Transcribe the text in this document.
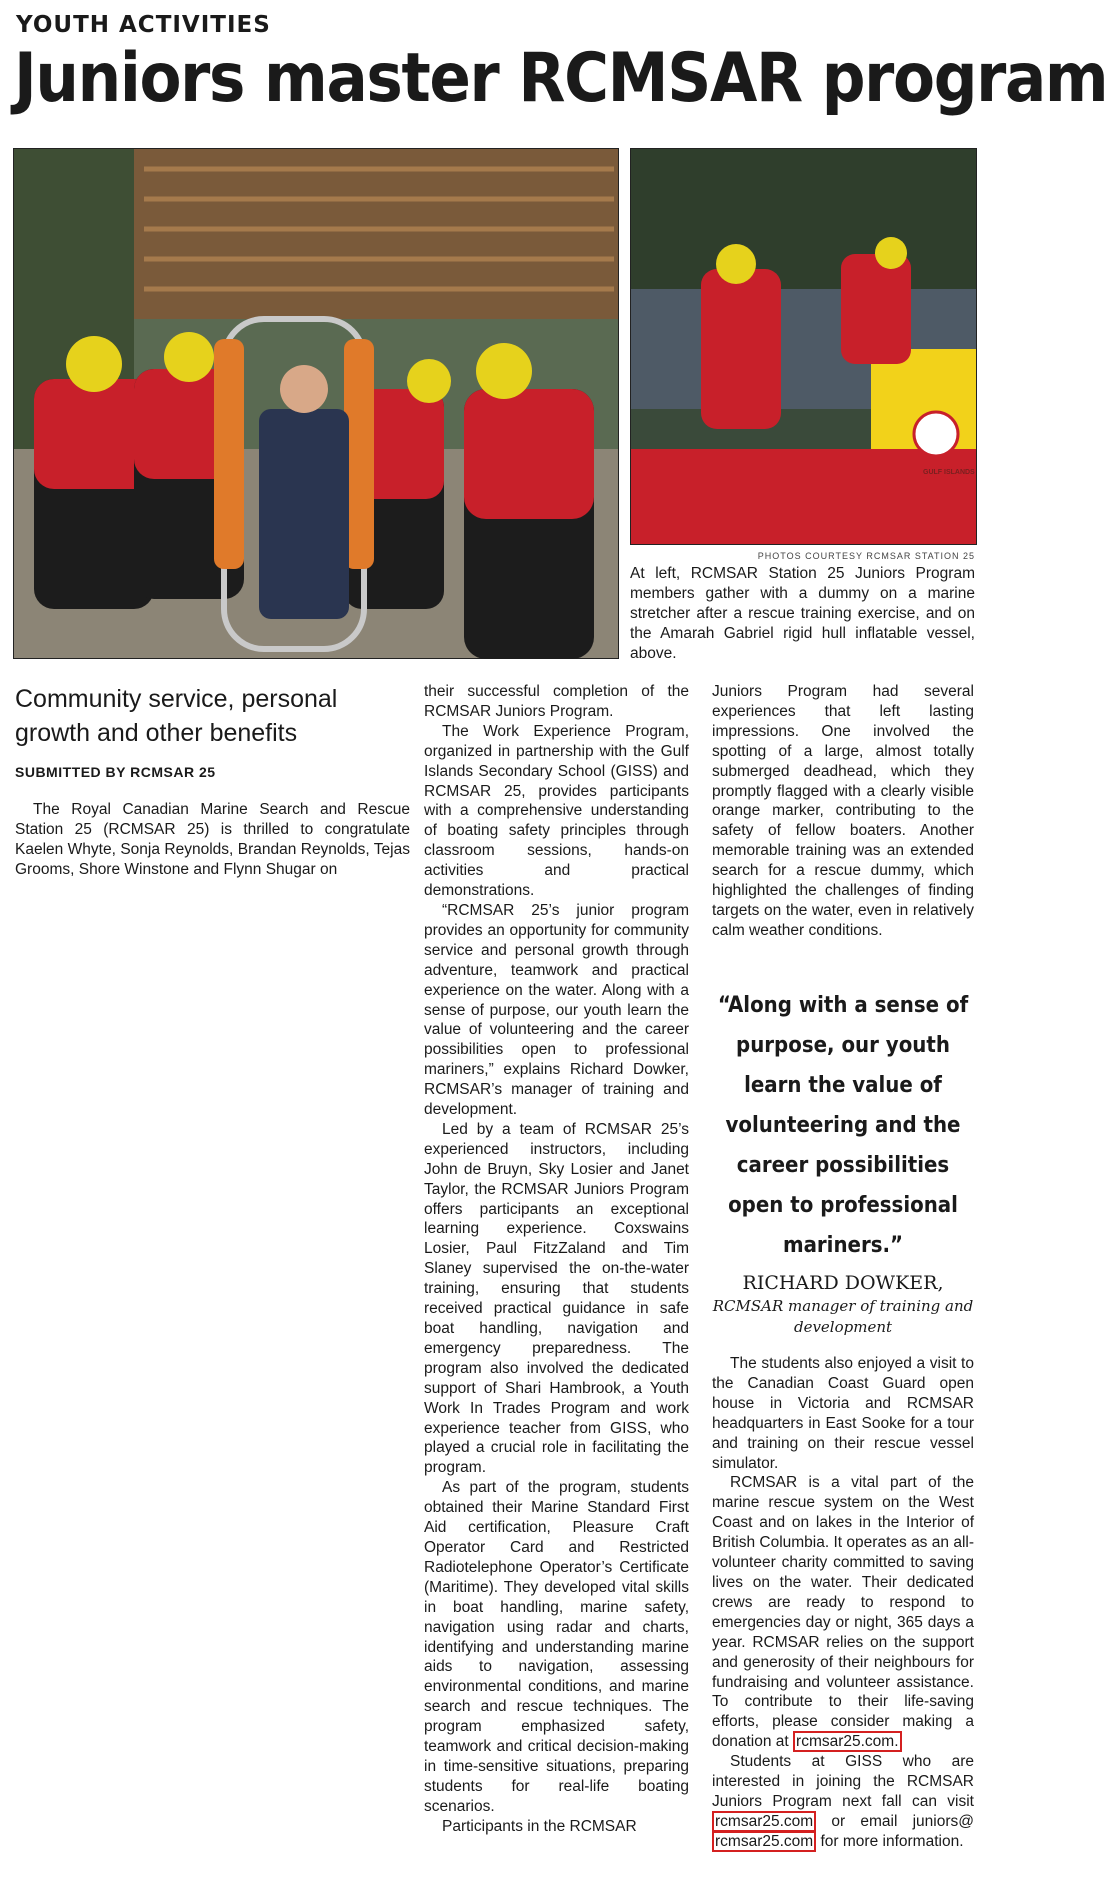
YOUTH ACTIVITIES
Juniors master RCMSAR program
GULF ISLANDS
PHOTOS COURTESY RCMSAR STATION 25
At left, RCMSAR Station 25 Juniors Program members gather with a dummy on a marine stretcher after a rescue training exercise, and on the Amarah Gabriel rigid hull inflatable vessel, above.
Community service, personal growth and other benefits
SUBMITTED BY RCMSAR 25

The Royal Canadian Marine Search and Rescue Station 25 (RCMSAR 25) is thrilled to congratulate Kaelen Whyte, Sonja Reynolds, Brandan Reynolds, Tejas Grooms, Shore Winstone and Flynn Shugar on

their successful completion of the RCMSAR Juniors Program.

The Work Experience Program, organized in partnership with the Gulf Islands Secondary School (GISS) and RCMSAR 25, provides participants with a comprehensive understanding of boating safety principles through classroom sessions, hands-on activities and practical demonstrations.

“RCMSAR 25’s junior program provides an opportunity for community service and personal growth through adventure, teamwork and practical experience on the water. Along with a sense of purpose, our youth learn the value of volunteering and the career possibilities open to professional mariners,” explains Richard Dowker, RCMSAR’s manager of training and development.

Led by a team of RCMSAR 25’s experienced instructors, including John de Bruyn, Sky Losier and Janet Taylor, the RCMSAR Juniors Program offers participants an exceptional learning experience. Coxswains Losier, Paul FitzZaland and Tim Slaney supervised the on-the-water training, ensuring that students received practical guidance in safe boat handling, navigation and emergency preparedness. The program also involved the dedicated support of Shari Hambrook, a Youth Work In Trades Program and work experience teacher from GISS, who played a crucial role in facilitating the program.

As part of the program, students obtained their Marine Standard First Aid certification, Pleasure Craft Operator Card and Restricted Radiotelephone Operator’s Certificate (Maritime). They developed vital skills in boat handling, marine safety, navigation using radar and charts, identifying and understanding marine aids to navigation, assessing environmental conditions, and marine search and rescue techniques. The program emphasized safety, teamwork and critical decision-making in time-sensitive situations, preparing students for real-life boating scenarios.

Participants in the RCMSAR

Juniors Program had several experiences that left lasting impressions. One involved the spotting of a large, almost totally submerged deadhead, which they promptly flagged with a clearly visible orange marker, contributing to the safety of fellow boaters. Another memorable training was an extended search for a rescue dummy, which highlighted the challenges of finding targets on the water, even in relatively calm weather conditions.

“Along with a sense of purpose, our youth learn the value of volunteering and the career possibilities open to professional mariners.”
RICHARD DOWKER,
RCMSAR manager of training and development

The students also enjoyed a visit to the Canadian Coast Guard open house in Victoria and RCMSAR headquarters in East Sooke for a tour and training on their rescue vessel simulator.

RCMSAR is a vital part of the marine rescue system on the West Coast and on lakes in the Interior of British Columbia. It operates as an all-volunteer charity committed to saving lives on the water. Their dedicated crews are ready to respond to emergencies day or night, 365 days a year. RCMSAR relies on the support and generosity of their neighbours for fundraising and volunteer assistance. To contribute to their life-saving efforts, please consider making a donation at rcmsar25.com.

Students at GISS who are interested in joining the RCMSAR Juniors Program next fall can visit rcmsar25.com or email juniors@ rcmsar25.com for more information.
